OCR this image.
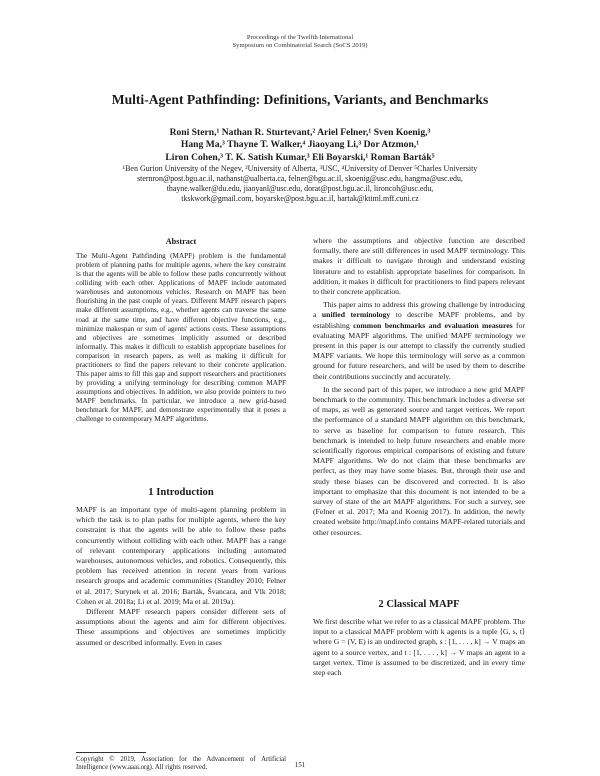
Proceedings of the Twelfth International
Symposium on Combinatorial Search (SoCS 2019)
Multi-Agent Pathfinding: Definitions, Variants, and Benchmarks
Roni Stern,¹ Nathan R. Sturtevant,² Ariel Felner,¹ Sven Koenig,³
Hang Ma,³ Thayne T. Walker,⁴ Jiaoyang Li,³ Dor Atzmon,¹
Liron Cohen,³ T. K. Satish Kumar,³ Eli Boyarski,¹ Roman Barták⁵
¹Ben Gurion University of the Negev, ²University of Alberta, ³USC, ⁴University of Denver ⁵Charles University
sternron@post.bgu.ac.il, nathanst@ualberta.ca, felner@bgu.ac.il, skoenig@usc.edu, hangma@usc.edu,
thayne.walker@du.edu, jiaoyanl@usc.edu, dorat@post.bgu.ac.il, lironcoh@usc.edu,
tkskwork@gmail.com, boyarske@post.bgu.ac.il, bartak@ktiml.mff.cuni.cz
Abstract
The Multi-Agent Pathfinding (MAPF) problem is the fundamental problem of planning paths for multiple agents, where the key constraint is that the agents will be able to follow these paths concurrently without colliding with each other. Applications of MAPF include automated warehouses and autonomous vehicles. Research on MAPF has been flourishing in the past couple of years. Different MAPF research papers make different assumptions, e.g., whether agents can traverse the same road at the same time, and have different objective functions, e.g., minimize makespan or sum of agents' actions costs. These assumptions and objectives are sometimes implicitly assumed or described informally. This makes it difficult to establish appropriate baselines for comparison in research papers, as well as making it difficult for practitioners to find the papers relevant to their concrete application. This paper aims to fill this gap and support researchers and practitioners by providing a unifying terminology for describing common MAPF assumptions and objectives. In addition, we also provide pointers to two MAPF benchmarks. In particular, we introduce a new grid-based benchmark for MAPF, and demonstrate experimentally that it poses a challenge to contemporary MAPF algorithms.
1 Introduction

MAPF is an important type of multi-agent planning problem in which the task is to plan paths for multiple agents, where the key constraint is that the agents will be able to follow these paths concurrently without colliding with each other. MAPF has a range of relevant contemporary applications including automated warehouses, autonomous vehicles, and robotics. Consequently, this problem has received attention in recent years from various research groups and academic communities (Standley 2010; Felner et al. 2017; Surynek et al. 2016; Barták, Švancara, and Vlk 2018; Cohen et al. 2018a; Li et al. 2019; Ma et al. 2019a).

Different MAPF research papers consider different sets of assumptions about the agents and aim for different objectives. These assumptions and objectives are sometimes implicitly assumed or described informally. Even in cases

Copyright © 2019, Association for the Advancement of Artificial Intelligence (www.aaai.org). All rights reserved.

where the assumptions and objective function are described formally, there are still differences in used MAPF terminology. This makes it difficult to navigate through and understand existing literature and to establish appropriate baselines for comparison. In addition, it makes it difficult for practitioners to find papers relevant to their concrete application.

This paper aims to address this growing challenge by introducing a unified terminology to describe MAPF problems, and by establishing common benchmarks and evaluation measures for evaluating MAPF algorithms. The unified MAPF terminology we present in this paper is our attempt to classify the currently studied MAPF variants. We hope this terminology will serve as a common ground for future researchers, and will be used by them to describe their contributions succinctly and accurately.

In the second part of this paper, we introduce a new grid MAPF benchmark to the community. This benchmark includes a diverse set of maps, as well as generated source and target vertices. We report the performance of a standard MAPF algorithm on this benchmark, to serve as baseline for comparison to future research. This benchmark is intended to help future researchers and enable more scientifically rigorous empirical comparisons of existing and future MAPF algorithms. We do not claim that these benchmarks are perfect, as they may have some biases. But, through their use and study these biases can be discovered and corrected. It is also important to emphasize that this document is not intended to be a survey of state of the art MAPF algorithms. For such a survey, see (Felner et al. 2017; Ma and Koenig 2017). In addition, the newly created website http://mapf.info contains MAPF-related tutorials and other resources.

2 Classical MAPF
We first describe what we refer to as a classical MAPF problem. The input to a classical MAPF problem with k agents is a tuple ⟨G, s, t⟩ where G = (V, E) is an undirected graph, s : [1, . . . , k] → V maps an agent to a source vertex, and t : [1, . . . , k] → V maps an agent to a target vertex. Time is assumed to be discretized, and in every time step each
151
